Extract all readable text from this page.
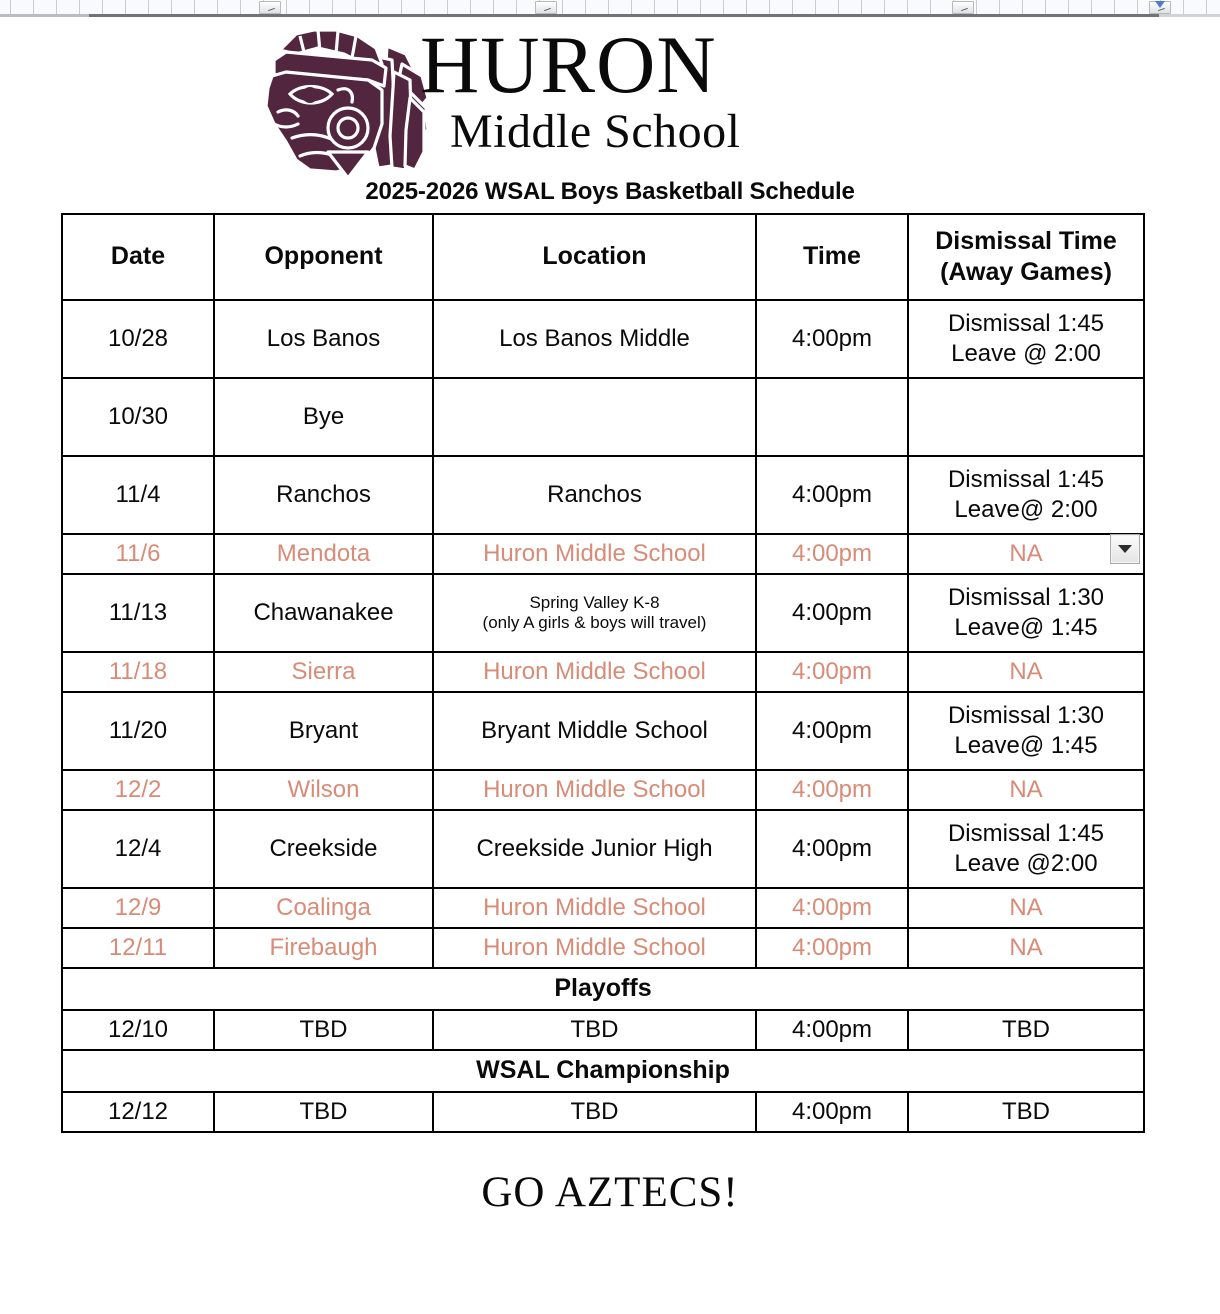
HURON
Middle School
2025-2026 WSAL Boys Basketball Schedule
Date	Opponent	Location	Time	Dismissal Time
(Away Games)

10/28	Los Banos	Los Banos Middle	4:00pm	Dismissal 1:45
Leave @ 2:00

10/30	Bye			
11/4	Ranchos	Ranchos	4:00pm	Dismissal 1:45
Leave@ 2:00

11/6	Mendota	Huron Middle School	4:00pm	NA
11/13	Chawanakee	Spring Valley K-8
(only A girls & boys will travel)	4:00pm	Dismissal 1:30
Leave@ 1:45

11/18	Sierra	Huron Middle School	4:00pm	NA
11/20	Bryant	Bryant Middle School	4:00pm	Dismissal 1:30
Leave@ 1:45

12/2	Wilson	Huron Middle School	4:00pm	NA
12/4	Creekside	Creekside Junior High	4:00pm	Dismissal 1:45
Leave @2:00

12/9	Coalinga	Huron Middle School	4:00pm	NA
12/11	Firebaugh	Huron Middle School	4:00pm	NA
Playoffs				
12/10	TBD	TBD	4:00pm	TBD
WSAL Championship				
12/12	TBD	TBD	4:00pm	TBD
GO AZTECS!
